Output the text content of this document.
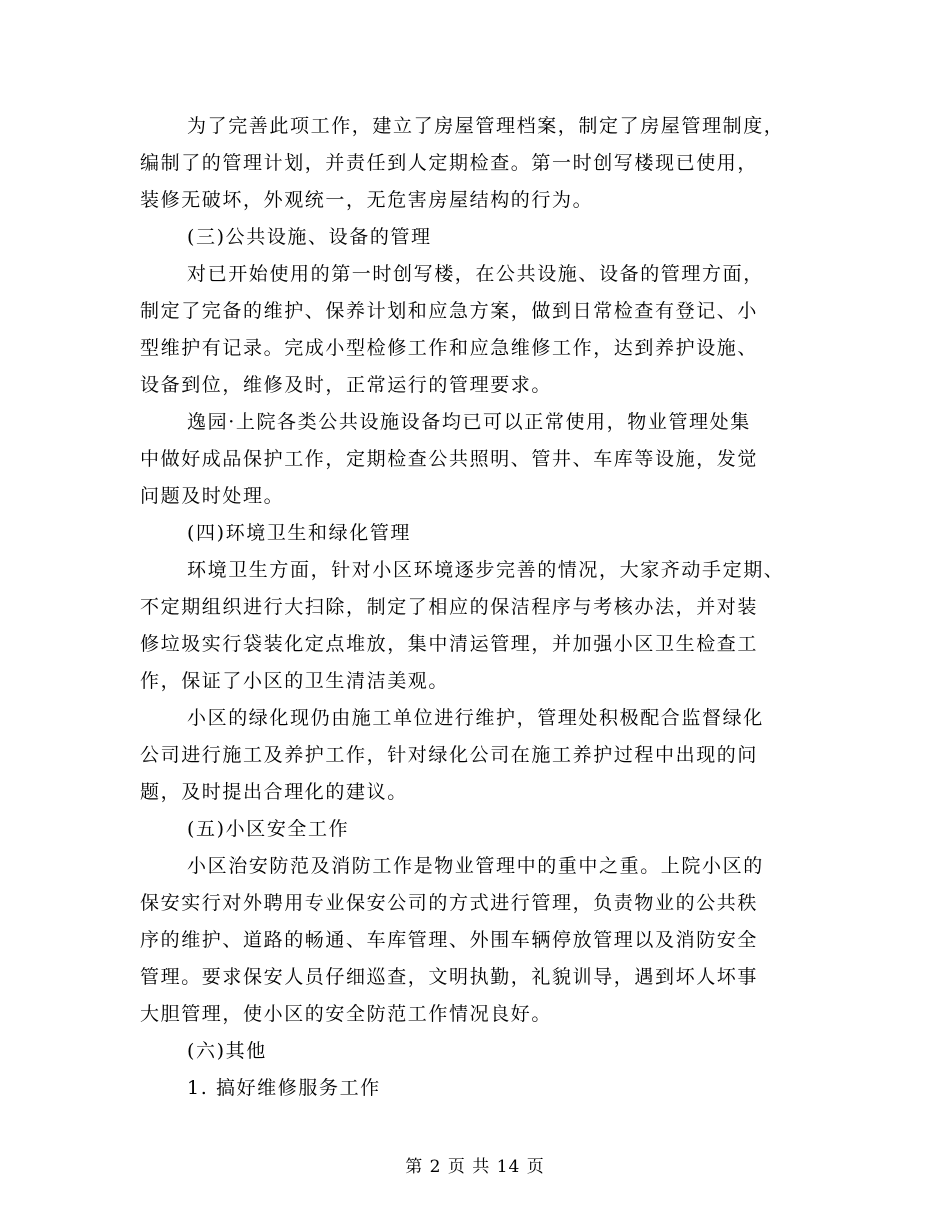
为了完善此项工作，建立了房屋管理档案，制定了房屋管理制度，
编制了的管理计划，并责任到人定期检查。第一时创写楼现已使用，
装修无破坏，外观统一，无危害房屋结构的行为。
(三)公共设施、设备的管理
对已开始使用的第一时创写楼，在公共设施、设备的管理方面，
制定了完备的维护、保养计划和应急方案，做到日常检查有登记、小
型维护有记录。完成小型检修工作和应急维修工作，达到养护设施、
设备到位，维修及时，正常运行的管理要求。
逸园·上院各类公共设施设备均已可以正常使用，物业管理处集
中做好成品保护工作，定期检查公共照明、管井、车库等设施，发觉
问题及时处理。
(四)环境卫生和绿化管理
环境卫生方面，针对小区环境逐步完善的情况，大家齐动手定期、
不定期组织进行大扫除，制定了相应的保洁程序与考核办法，并对装
修垃圾实行袋装化定点堆放，集中清运管理，并加强小区卫生检查工
作，保证了小区的卫生清洁美观。
小区的绿化现仍由施工单位进行维护，管理处积极配合监督绿化
公司进行施工及养护工作，针对绿化公司在施工养护过程中出现的问
题，及时提出合理化的建议。
(五)小区安全工作
小区治安防范及消防工作是物业管理中的重中之重。上院小区的
保安实行对外聘用专业保安公司的方式进行管理，负责物业的公共秩
序的维护、道路的畅通、车库管理、外围车辆停放管理以及消防安全
管理。要求保安人员仔细巡查，文明执勤，礼貌训导，遇到坏人坏事
大胆管理，使小区的安全防范工作情况良好。
(六)其他
1. 搞好维修服务工作
第 2 页 共 14 页
